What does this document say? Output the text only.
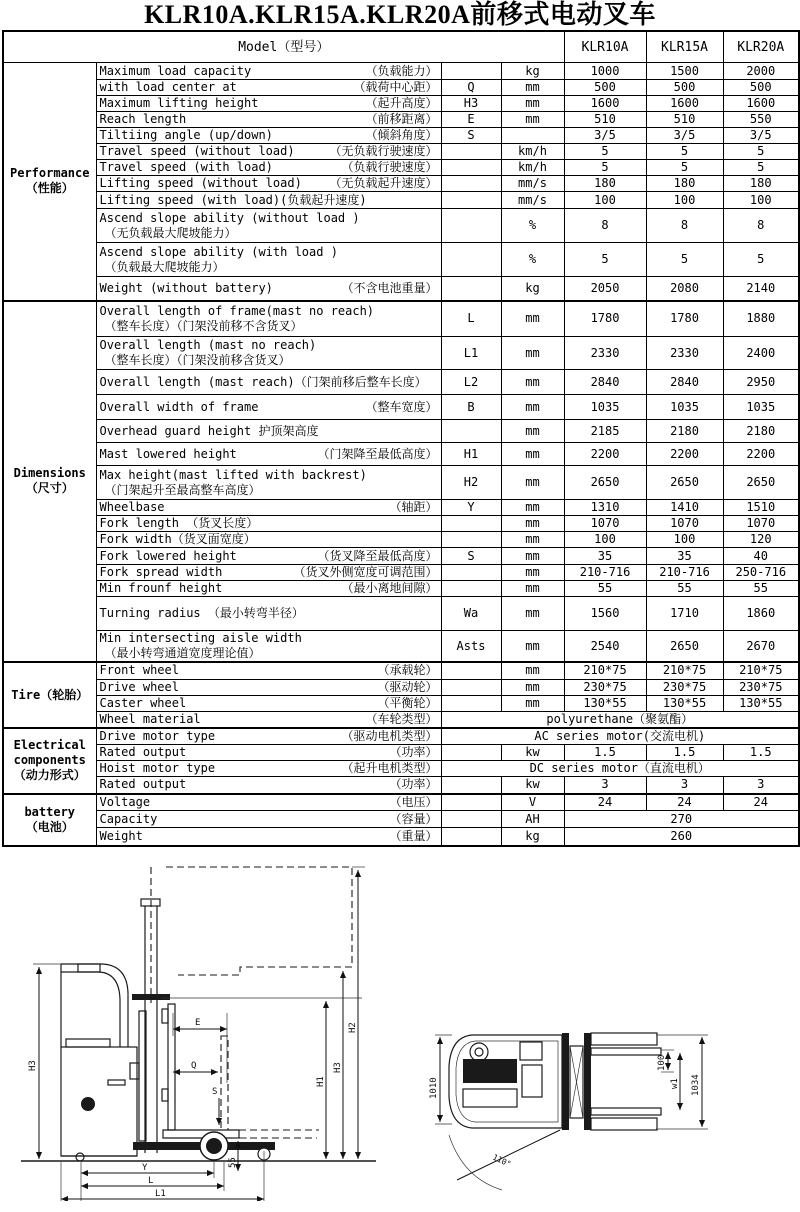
KLR10A.KLR15A.KLR20A前移式电动叉车
Model（型号）				KLR10A	KLR15A	KLR20A

Performance
（性能）

Maximum load capacity	（负载能力）		kg	1000	1500	2000

	with load center at （载荷中心距）	Q	mm	500	500	500

	Maximum lifting height （起升高度）	H3	mm	1600	1600	1600

	Reach length （前移距离）	E	mm	510	510	550

	Tiltiing angle (up/down) （倾斜角度）	S		3/5	3/5	3/5

	Travel speed (without load) （无负载行驶速度）		km/h	5	5	5

	Travel speed (with load) （负载行驶速度）		km/h	5	5	5

	Lifting speed (without load) （无负载起升速度）		mm/s	180	180	180
	Lifting speed (with load)(负载起升速度)		mm/s	100	100	100

	Ascend slope ability (without load )
（无负载最大爬坡能力）		%	8	8	8

	Ascend slope ability (with load )
（负载最大爬坡能力）		%	5	5	5

	Weight (without battery) （不含电池重量）		kg	2050	2080	2140

Dimensions
（尺寸）

Overall length of frame(mast no reach)
（整车长度）（门架没前移不含货叉）
	L	mm	1780	1780	1880

	Overall length (mast no reach)
（整车长度）（门架没前移含货叉）	L1	mm	2330	2330	2400
	Overall length (mast reach)（门架前移后整车长度）	L2	mm	2840	2840	2950

	Overall width of frame （整车宽度）	B	mm	1035	1035	1035
	Overhead guard height 护顶架高度		mm	2185	2180	2180

	Mast lowered height （门架降至最低高度）	H1	mm	2200	2200	2200

	Max height(mast lifted with backrest)
（门架起升至最高整车高度）	H2	mm	2650	2650	2650

	Wheelbase （轴距）	Y	mm	1310	1410	1510
	Fork length （货叉长度）		mm	1070	1070	1070
	Fork width（货叉面宽度）		mm	100	100	120

	Fork lowered height （货叉降至最低高度）	S	mm	35	35	40

	Fork spread width （货叉外侧宽度可调范围）		mm	210-716	210-716	250-716

	Min frounf height （最小离地间隙）		mm	55	55	55
	Turning radius （最小转弯半径）	Wa	mm	1560	1710	1860

	Min intersecting aisle width
（最小转弯通道宽度理论值）	Asts	mm	2540	2650	2670

Tire（轮胎）	Front wheel （承载轮）		mm	210*75	210*75	210*75

	Drive wheel （驱动轮）		mm	230*75	230*75	230*75

	Caster wheel （平衡轮）		mm	130*55	130*55	130*55

	Wheel material （车轮类型）	polyurethane（聚氨酯）				

Electrical
components
（动力形式）

Drive motor type	（驱动电机类型）	AC series motor(交流电机)

	Rated output （功率）		kw	1.5	1.5	1.5

	Hoist motor type （起升电机类型）	DC series motor（直流电机）				

	Rated output （功率）		kw	3	3	3

battery
（电池）

Voltage	（电压）		V	24	24	24

	Capacity （容量）		AH	270		

	Weight （重量）		kg	260		
H3
E
Q
S
H1
H3
H2
55
Y
L
L1
1010
100
w1 1034
110°
